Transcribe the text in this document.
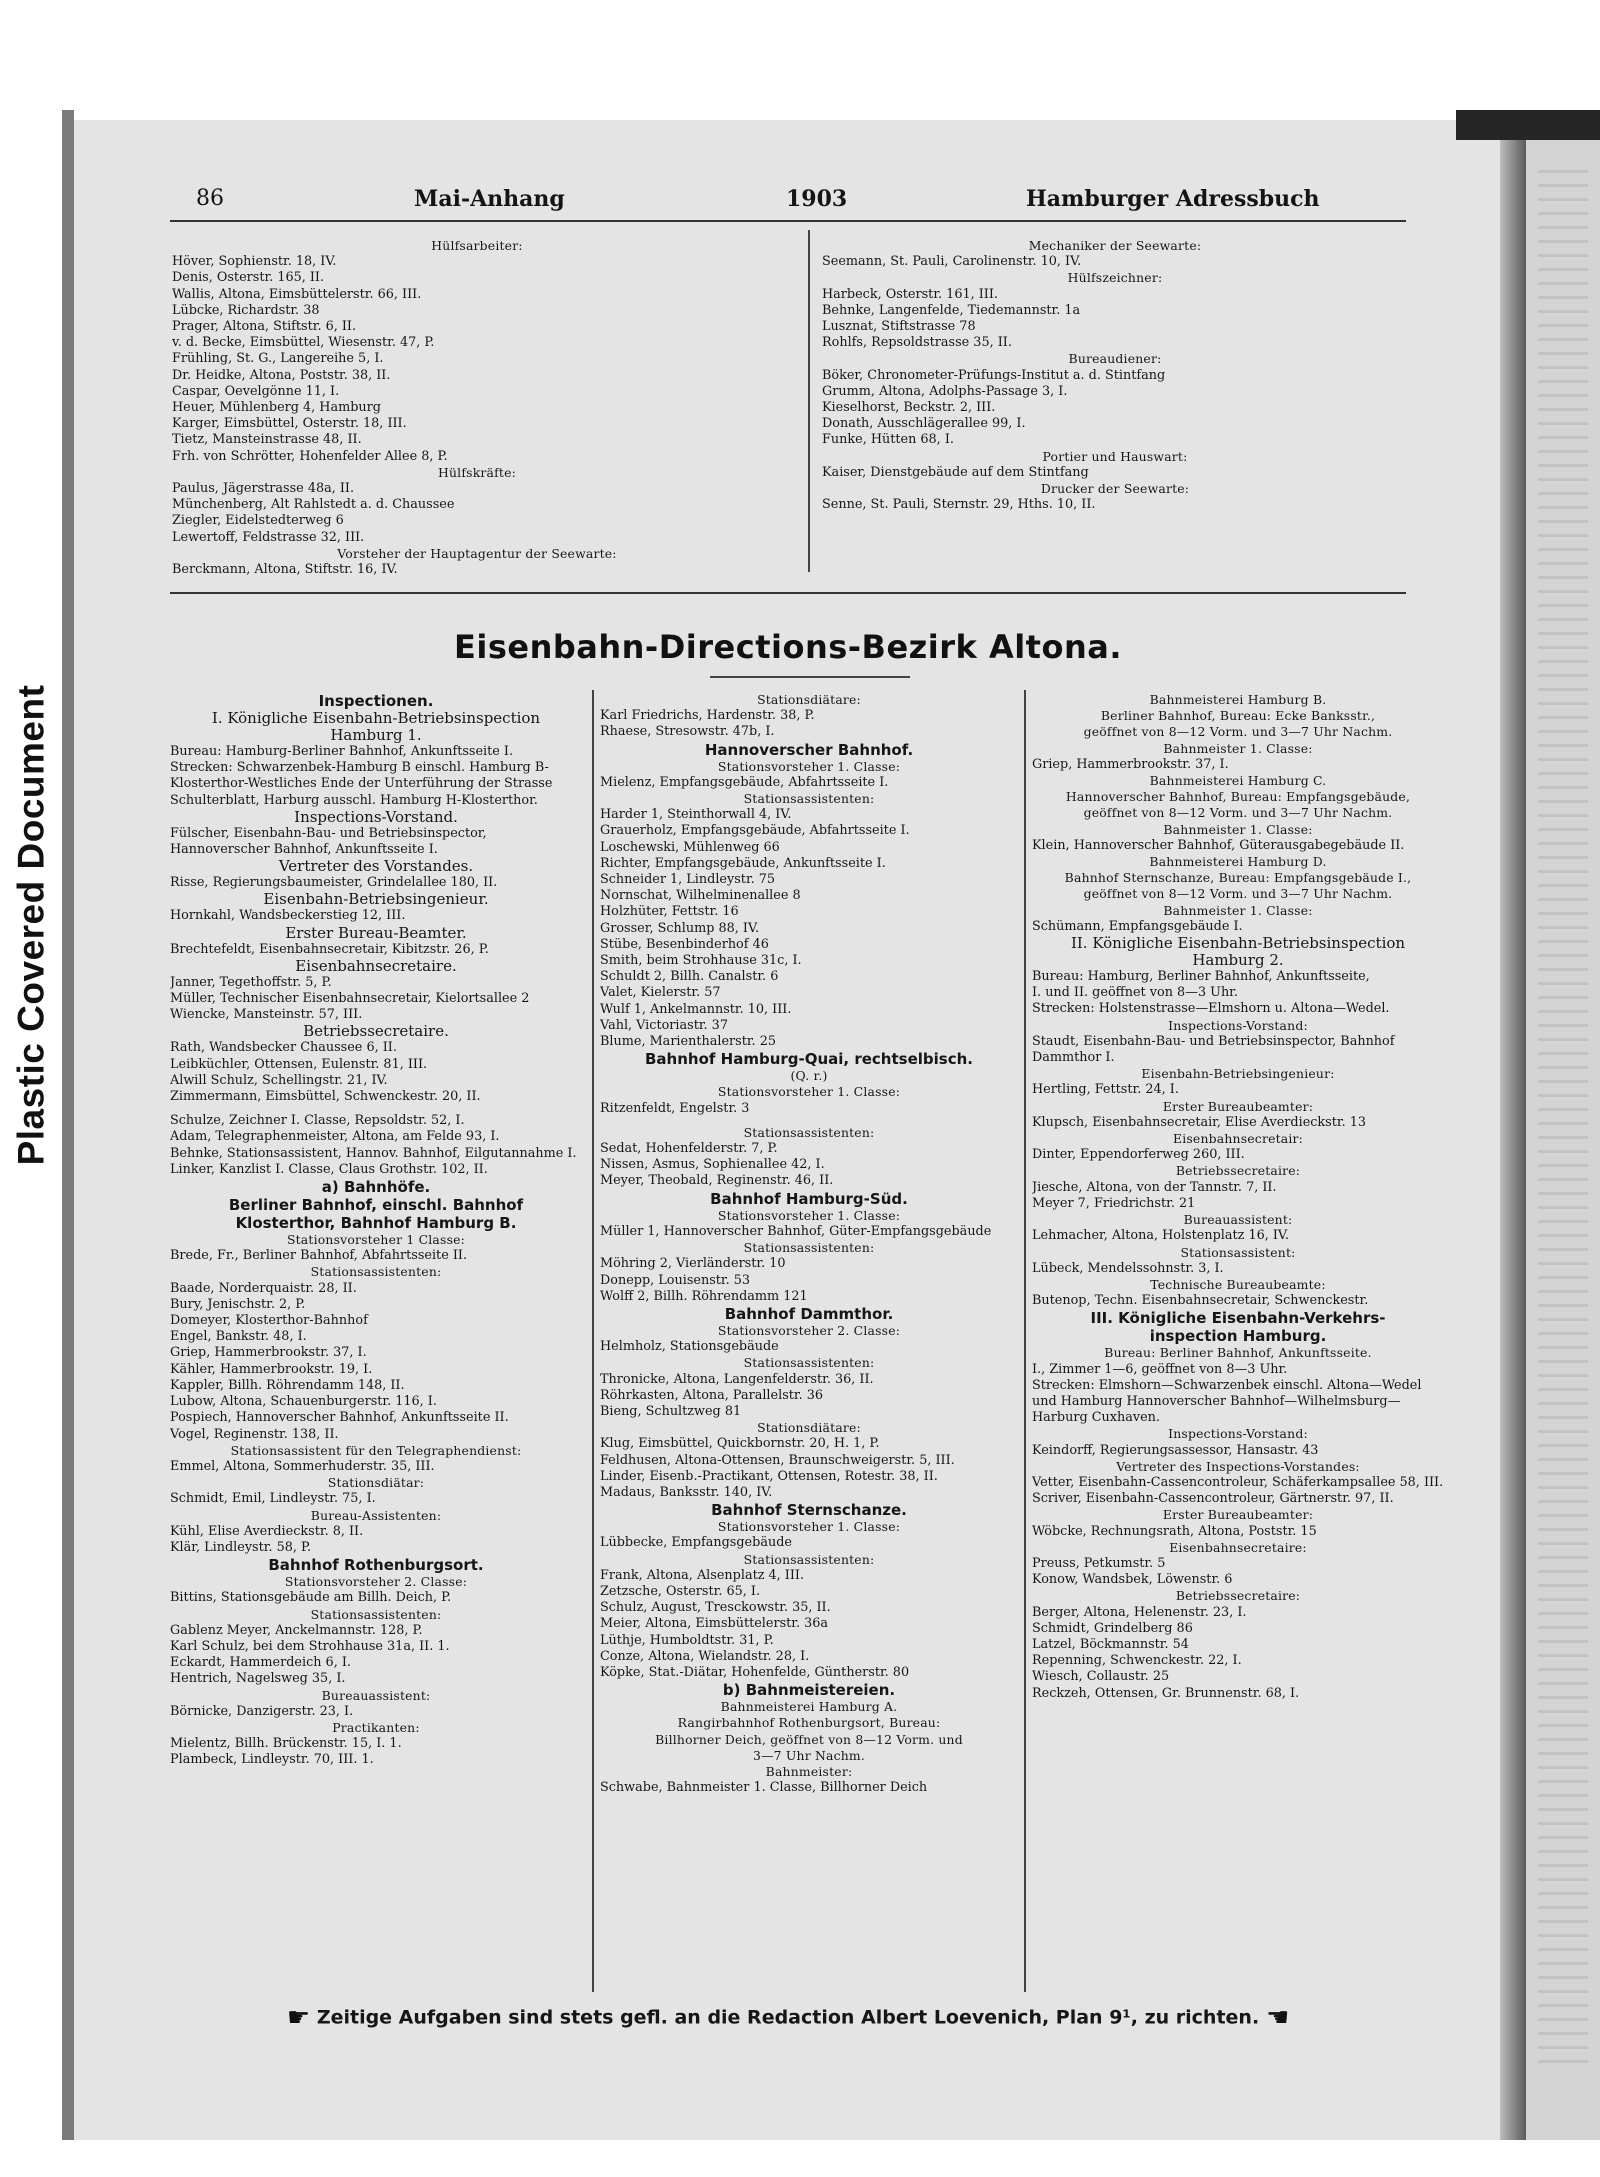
Plastic Covered Document
86	Mai-Anhang	1903	Hamburger Adressbuch
Hülfsarbeiter:
Höver, Sophienstr. 18, IV.
Denis, Osterstr. 165, II.
Wallis, Altona, Eimsbüttelerstr. 66, III.
Lübcke, Richardstr. 38
Prager, Altona, Stiftstr. 6, II.
v. d. Becke, Eimsbüttel, Wiesenstr. 47, P.
Frühling, St. G., Langereihe 5, I.
Dr. Heidke, Altona, Poststr. 38, II.
Caspar, Oevelgönne 11, I.
Heuer, Mühlenberg 4, Hamburg
Karger, Eimsbüttel, Osterstr. 18, III.
Tietz, Mansteinstrasse 48, II.
Frh. von Schrötter, Hohenfelder Allee 8, P.
Hülfskräfte:
Paulus, Jägerstrasse 48a, II.
Münchenberg, Alt Rahlstedt a. d. Chaussee
Ziegler, Eidelstedterweg 6
Lewertoff, Feldstrasse 32, III.
Vorsteher der Hauptagentur der Seewarte:
Berckmann, Altona, Stiftstr. 16, IV.
Mechaniker der Seewarte:
Seemann, St. Pauli, Carolinenstr. 10, IV.
Hülfszeichner:
Harbeck, Osterstr. 161, III.
Behnke, Langenfelde, Tiedemannstr. 1a
Lusznat, Stiftstrasse 78
Rohlfs, Repsoldstrasse 35, II.
Bureaudiener:
Böker, Chronometer-Prüfungs-Institut a. d. Stintfang
Grumm, Altona, Adolphs-Passage 3, I.
Kieselhorst, Beckstr. 2, III.
Donath, Ausschlägerallee 99, I.
Funke, Hütten 68, I.
Portier und Hauswart:
Kaiser, Dienstgebäude auf dem Stintfang
Drucker der Seewarte:
Senne, St. Pauli, Sternstr. 29, Hths. 10, II.
Eisenbahn-Directions-Bezirk Altona.
Inspectionen.
I. Königliche Eisenbahn-Betriebsinspection
Hamburg 1.
Bureau: Hamburg-Berliner Bahnhof, Ankunftsseite I.
Strecken: Schwarzenbek-Hamburg B einschl. Hamburg B-Klosterthor-Westliches Ende der Unterführung der Strasse Schulterblatt, Harburg ausschl. Hamburg H-Klosterthor.
Inspections-Vorstand.
Fülscher, Eisenbahn-Bau- und Betriebsinspector, Hannoverscher Bahnhof, Ankunftsseite I.
Vertreter des Vorstandes.
Risse, Regierungsbaumeister, Grindelallee 180, II.
Eisenbahn-Betriebsingenieur.
Hornkahl, Wandsbeckerstieg 12, III.
Erster Bureau-Beamter.
Brechtefeldt, Eisenbahnsecretair, Kibitzstr. 26, P.
Eisenbahnsecretaire.
Janner, Tegethoffstr. 5, P.
Müller, Technischer Eisenbahnsecretair, Kielortsallee 2
Wiencke, Mansteinstr. 57, III.
Betriebssecretaire.
Rath, Wandsbecker Chaussee 6, II.
Leibküchler, Ottensen, Eulenstr. 81, III.
Alwill Schulz, Schellingstr. 21, IV.
Zimmermann, Eimsbüttel, Schwenckestr. 20, II.
Schulze, Zeichner I. Classe, Repsoldstr. 52, I.
Adam, Telegraphenmeister, Altona, am Felde 93, I.
Behnke, Stationsassistent, Hannov. Bahnhof, Eilgutannahme I.
Linker, Kanzlist I. Classe, Claus Grothstr. 102, II.
a) Bahnhöfe.
Berliner Bahnhof, einschl. Bahnhof
Klosterthor, Bahnhof Hamburg B.
Stationsvorsteher 1 Classe:
Brede, Fr., Berliner Bahnhof, Abfahrtsseite II.
Stationsassistenten:
Baade, Norderquaistr. 28, II.
Bury, Jenischstr. 2, P.
Domeyer, Klosterthor-Bahnhof
Engel, Bankstr. 48, I.
Griep, Hammerbrookstr. 37, I.
Kähler, Hammerbrookstr. 19, I.
Kappler, Billh. Röhrendamm 148, II.
Lubow, Altona, Schauenburgerstr. 116, I.
Pospiech, Hannoverscher Bahnhof, Ankunftsseite II.
Vogel, Reginenstr. 138, II.
Stationsassistent für den Telegraphendienst:
Emmel, Altona, Sommerhuderstr. 35, III.
Stationsdiätar:
Schmidt, Emil, Lindleystr. 75, I.
Bureau-Assistenten:
Kühl, Elise Averdieckstr. 8, II.
Klär, Lindleystr. 58, P.
Bahnhof Rothenburgsort.
Stationsvorsteher 2. Classe:
Bittins, Stationsgebäude am Billh. Deich, P.
Stationsassistenten:
Gablenz Meyer, Anckelmannstr. 128, P.
Karl Schulz, bei dem Strohhause 31a, II. 1.
Eckardt, Hammerdeich 6, I.
Hentrich, Nagelsweg 35, I.
Bureauassistent:
Börnicke, Danzigerstr. 23, I.
Practikanten:
Mielentz, Billh. Brückenstr. 15, I. 1.
Plambeck, Lindleystr. 70, III. 1.
Stationsdiätare:
Karl Friedrichs, Hardenstr. 38, P.
Rhaese, Stresowstr. 47b, I.
Hannoverscher Bahnhof.
Stationsvorsteher 1. Classe:
Mielenz, Empfangsgebäude, Abfahrtsseite I.
Stationsassistenten:
Harder 1, Steinthorwall 4, IV.
Grauerholz, Empfangsgebäude, Abfahrtsseite I.
Loschewski, Mühlenweg 66
Richter, Empfangsgebäude, Ankunftsseite I.
Schneider 1, Lindleystr. 75
Nornschat, Wilhelminenallee 8
Holzhüter, Fettstr. 16
Grosser, Schlump 88, IV.
Stübe, Besenbinderhof 46
Smith, beim Strohhause 31c, I.
Schuldt 2, Billh. Canalstr. 6
Valet, Kielerstr. 57
Wulf 1, Ankelmannstr. 10, III.
Vahl, Victoriastr. 37
Blume, Marienthalerstr. 25
Bahnhof Hamburg-Quai, rechtselbisch.
(Q. r.)
Stationsvorsteher 1. Classe:
Ritzenfeldt, Engelstr. 3
Stationsassistenten:
Sedat, Hohenfelderstr. 7, P.
Nissen, Asmus, Sophienallee 42, I.
Meyer, Theobald, Reginenstr. 46, II.
Bahnhof Hamburg-Süd.
Stationsvorsteher 1. Classe:
Müller 1, Hannoverscher Bahnhof, Güter-Empfangsgebäude
Stationsassistenten:
Möhring 2, Vierländerstr. 10
Donepp, Louisenstr. 53
Wolff 2, Billh. Röhrendamm 121
Bahnhof Dammthor.
Stationsvorsteher 2. Classe:
Helmholz, Stationsgebäude
Stationsassistenten:
Thronicke, Altona, Langenfelderstr. 36, II.
Röhrkasten, Altona, Parallelstr. 36
Bieng, Schultzweg 81
Stationsdiätare:
Klug, Eimsbüttel, Quickbornstr. 20, H. 1, P.
Feldhusen, Altona-Ottensen, Braunschweigerstr. 5, III.
Linder, Eisenb.-Practikant, Ottensen, Rotestr. 38, II.
Madaus, Banksstr. 140, IV.
Bahnhof Sternschanze.
Stationsvorsteher 1. Classe:
Lübbecke, Empfangsgebäude
Stationsassistenten:
Frank, Altona, Alsenplatz 4, III.
Zetzsche, Osterstr. 65, I.
Schulz, August, Tresckowstr. 35, II.
Meier, Altona, Eimsbüttelerstr. 36a
Lüthje, Humboldtstr. 31, P.
Conze, Altona, Wielandstr. 28, I.
Köpke, Stat.-Diätar, Hohenfelde, Güntherstr. 80
b) Bahnmeistereien.
Bahnmeisterei Hamburg A.
Rangirbahnhof Rothenburgsort, Bureau:
Billhorner Deich, geöffnet von 8—12 Vorm. und
3—7 Uhr Nachm.
Bahnmeister:
Schwabe, Bahnmeister 1. Classe, Billhorner Deich
Bahnmeisterei Hamburg B.
Berliner Bahnhof, Bureau: Ecke Banksstr.,
geöffnet von 8—12 Vorm. und 3—7 Uhr Nachm.
Bahnmeister 1. Classe:
Griep, Hammerbrookstr. 37, I.
Bahnmeisterei Hamburg C.
Hannoverscher Bahnhof, Bureau: Empfangsgebäude,
geöffnet von 8—12 Vorm. und 3—7 Uhr Nachm.
Bahnmeister 1. Classe:
Klein, Hannoverscher Bahnhof, Güterausgabegebäude II.
Bahnmeisterei Hamburg D.
Bahnhof Sternschanze, Bureau: Empfangsgebäude I.,
geöffnet von 8—12 Vorm. und 3—7 Uhr Nachm.
Bahnmeister 1. Classe:
Schümann, Empfangsgebäude I.
II. Königliche Eisenbahn-Betriebsinspection
Hamburg 2.
Bureau: Hamburg, Berliner Bahnhof, Ankunftsseite,
I. und II. geöffnet von 8—3 Uhr.
Strecken: Holstenstrasse—Elmshorn u. Altona—Wedel.
Inspections-Vorstand:
Staudt, Eisenbahn-Bau- und Betriebsinspector, Bahnhof Dammthor I.
Eisenbahn-Betriebsingenieur:
Hertling, Fettstr. 24, I.
Erster Bureaubeamter:
Klupsch, Eisenbahnsecretair, Elise Averdieckstr. 13
Eisenbahnsecretair:
Dinter, Eppendorferweg 260, III.
Betriebssecretaire:
Jiesche, Altona, von der Tannstr. 7, II.
Meyer 7, Friedrichstr. 21
Bureauassistent:
Lehmacher, Altona, Holstenplatz 16, IV.
Stationsassistent:
Lübeck, Mendelssohnstr. 3, I.
Technische Bureaubeamte:
Butenop, Techn. Eisenbahnsecretair, Schwenckestr.
III. Königliche Eisenbahn-Verkehrs-
inspection Hamburg.
Bureau: Berliner Bahnhof, Ankunftsseite.
I., Zimmer 1—6, geöffnet von 8—3 Uhr.
Strecken: Elmshorn—Schwarzenbek einschl. Altona—Wedel und Hamburg Hannoverscher Bahnhof—Wilhelmsburg—Harburg Cuxhaven.
Inspections-Vorstand:
Keindorff, Regierungsassessor, Hansastr. 43
Vertreter des Inspections-Vorstandes:
Vetter, Eisenbahn-Cassencontroleur, Schäferkampsallee 58, III.
Scriver, Eisenbahn-Cassencontroleur, Gärtnerstr. 97, II.
Erster Bureaubeamter:
Wöbcke, Rechnungsrath, Altona, Poststr. 15
Eisenbahnsecretaire:
Preuss, Petkumstr. 5
Konow, Wandsbek, Löwenstr. 6
Betriebssecretaire:
Berger, Altona, Helenenstr. 23, I.
Schmidt, Grindelberg 86
Latzel, Böckmannstr. 54
Repenning, Schwenckestr. 22, I.
Wiesch, Collaustr. 25
Reckzeh, Ottensen, Gr. Brunnenstr. 68, I.
☛ Zeitige Aufgaben sind stets gefl. an die Redaction Albert Loevenich, Plan 9¹, zu richten. ☛
